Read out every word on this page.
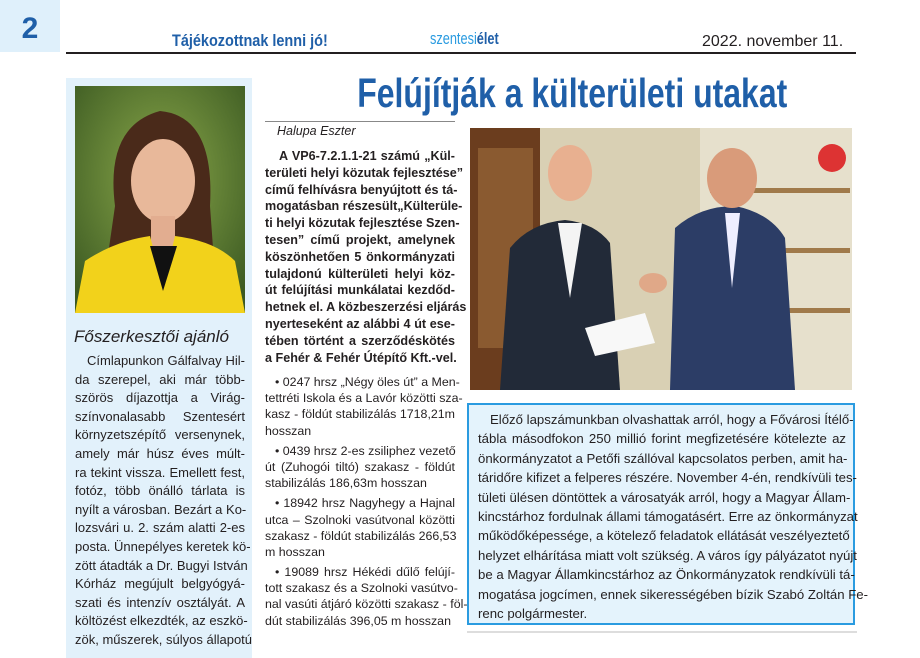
2	Tájékozottnak lenni jó!	szentesiélet	2022. november 11.
Felújítják a külterületi utakat
Főszerkesztői ajánló
Címlapunkon Gálfalvay Hil-
da szerepel, aki már több-
szörös díjazottja a Virág-
színvonalasabb Szentesért
környzetszépítő versenynek,
amely már húsz éves múlt-
ra tekint vissza. Emellett fest,
fotóz, több önálló tárlata is
nyílt a városban. Bezárt a Ko-
lozsvári u. 2. szám alatti 2-es
posta. Ünnepélyes keretek kö-
zött átadták a Dr. Bugyi István
Kórház megújult belgyógyá-
szati és intenzív osztályát. A
költözést elkezdték, az eszkö-
zök, műszerek, súlyos állapotú
Halupa Eszter
A VP6-7.2.1.1-21 számú „Kül-
területi helyi közutak fejlesztése”
című felhívásra benyújtott és tá-
mogatásban részesült„Külterüle-
ti helyi közutak fejlesztése Szen-
tesen” című projekt, amelynek
köszönhetően 5 önkormányzati
tulajdonú külterületi helyi köz-
út felújítási munkálatai kezdőd-
hetnek el. A közbeszerzési eljárás
nyerteseként az alábbi 4 út ese-
tében történt a szerződéskötés
a Fehér & Fehér Útépítő Kft.-vel.
• 0247 hrsz „Négy öles út” a Men-
tettréti Iskola és a Lavór közötti sza-
kasz - földút stabilizálás 1718,21m
hosszan
• 0439 hrsz 2-es zsiliphez vezető
út (Zuhogói tiltó) szakasz - földút
stabilizálás 186,63m hosszan
• 18942 hrsz Nagyhegy a Hajnal
utca – Szolnoki vasútvonal közötti
szakasz - földút stabilizálás 266,53
m hosszan
• 19089 hrsz Hékédi dűlő felújí-
tott szakasz és a Szolnoki vasútvo-
nal vasúti átjáró közötti szakasz - föl-
dút stabilizálás 396,05 m hosszan
Előző lapszámunkban olvashattak arról, hogy a Fővárosi Ítélő-
tábla másodfokon 250 millió forint megfizetésére kötelezte az
önkormányzatot a Petőfi szállóval kapcsolatos perben, amit ha-
táridőre kifizet a felperes részére. November 4-én, rendkívüli tes-
tületi ülésen döntöttek a városatyák arról, hogy a Magyar Állam-
kincstárhoz fordulnak állami támogatásért. Erre az önkormányzat
működőképessége, a kötelező feladatok ellátását veszélyeztető
helyzet elhárítása miatt volt szükség. A város így pályázatot nyújt
be a Magyar Államkincstárhoz az Önkormányzatok rendkívüli tá-
mogatása jogcímen, ennek sikerességében bízik Szabó Zoltán Fe-
renc polgármester.
